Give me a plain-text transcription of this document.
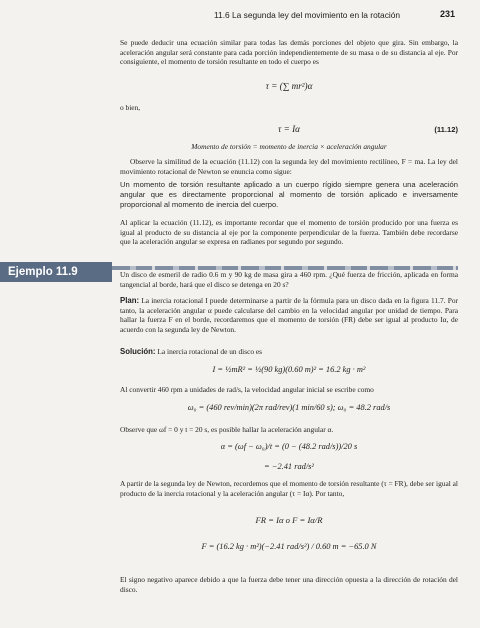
11.6 La segunda ley del movimiento en la rotación	231

Se puede deducir una ecuación similar para todas las demás porciones del objeto que gira. Sin embargo, la aceleración angular será constante para cada porción independientemente de su masa o de su distancia al eje. Por consiguiente, el momento de torsión resultante en todo el cuerpo es

τ = (∑ mr²)α
o bien,
τ = Iα	(11.12)
Momento de torsión = momento de inercia × aceleración angular
Observe la similitud de la ecuación (11.12) con la segunda ley del movimiento rectilíneo, F = ma. La ley del movimiento rotacional de Newton se enuncia como sigue:
Un momento de torsión resultante aplicado a un cuerpo rígido siempre genera una aceleración angular que es directamente proporcional al momento de torsión aplicado e inversamente proporcional al momento de inercia del cuerpo.
Al aplicar la ecuación (11.12), es importante recordar que el momento de torsión producido por una fuerza es igual al producto de su distancia al eje por la componente perpendicular de la fuerza. También debe recordarse que la aceleración angular se expresa en radianes por segundo por segundo.
Ejemplo 11.9	Un disco de esmeril de radio 0.6 m y 90 kg de masa gira a 460 rpm. ¿Qué fuerza de fricción, aplicada en forma tangencial al borde, hará que el disco se detenga en 20 s?
Plan: La inercia rotacional I puede determinarse a partir de la fórmula para un disco dada en la figura 11.7. Por tanto, la aceleración angular α puede calcularse del cambio en la velocidad angular por unidad de tiempo. Para hallar la fuerza F en el borde, recordaremos que el momento de torsión (FR) debe ser igual al producto Iα, de acuerdo con la segunda ley de Newton.
Solución: La inercia rotacional de un disco es
I = ½mR² = ½(90 kg)(0.60 m)² = 16.2 kg · m²
Al convertir 460 rpm a unidades de rad/s, la velocidad angular inicial se escribe como
ω₀ = (460 rev/min)(2π rad/rev)(1 min/60 s); ω₀ = 48.2 rad/s
Observe que ωf = 0 y t = 20 s, es posible hallar la aceleración angular α.
α = (ωf − ω₀)/t = (0 − (48.2 rad/s))/20 s
= −2.41 rad/s²
A partir de la segunda ley de Newton, recordemos que el momento de torsión resultante (τ = FR), debe ser igual al producto de la inercia rotacional y la aceleración angular (τ = Iα). Por tanto,
FR = Iα o F = Iα/R
F = (16.2 kg · m²)(−2.41 rad/s²) / 0.60 m = −65.0 N
El signo negativo aparece debido a que la fuerza debe tener una dirección opuesta a la dirección de rotación del disco.
